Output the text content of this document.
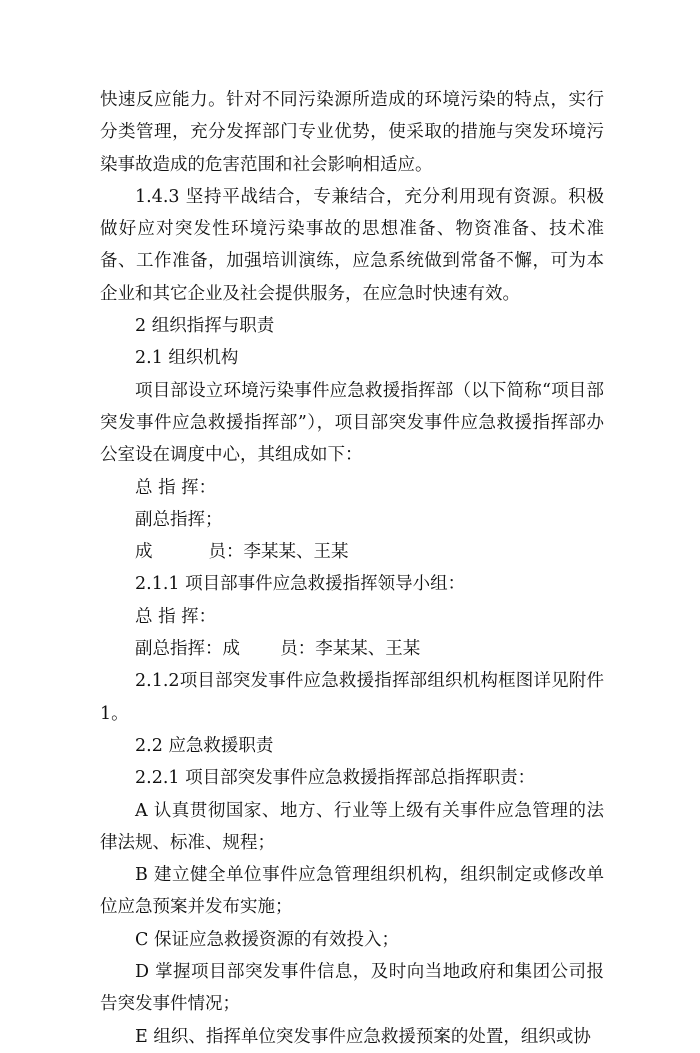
快速反应能力。针对不同污染源所造成的环境污染的特点，实行分类管理，充分发挥部门专业优势，使采取的措施与突发环境污染事故造成的危害范围和社会影响相适应。

1.4.3 坚持平战结合，专兼结合，充分利用现有资源。积极做好应对突发性环境污染事故的思想准备、物资准备、技术准备、工作准备，加强培训演练，应急系统做到常备不懈，可为本企业和其它企业及社会提供服务，在应急时快速有效。

2 组织指挥与职责

2.1 组织机构

项目部设立环境污染事件应急救援指挥部（以下简称“项目部突发事件应急救援指挥部”），项目部突发事件应急救援指挥部办公室设在调度中心，其组成如下：

总 指 挥：

副总指挥；

成	员：李某某、王某

2.1.1 项目部事件应急救援指挥领导小组：

总 指 挥：

副总指挥：成 员：李某某、王某

2.1.2项目部突发事件应急救援指挥部组织机构框图详见附件 1。

2.2 应急救援职责

2.2.1 项目部突发事件应急救援指挥部总指挥职责：

A 认真贯彻国家、地方、行业等上级有关事件应急管理的法律法规、标准、规程；

B 建立健全单位事件应急管理组织机构，组织制定或修改单位应急预案并发布实施；

C 保证应急救援资源的有效投入；

D 掌握项目部突发事件信息，及时向当地政府和集团公司报告突发事件情况；

E 组织、指挥单位突发事件应急救援预案的处置，组织或协
